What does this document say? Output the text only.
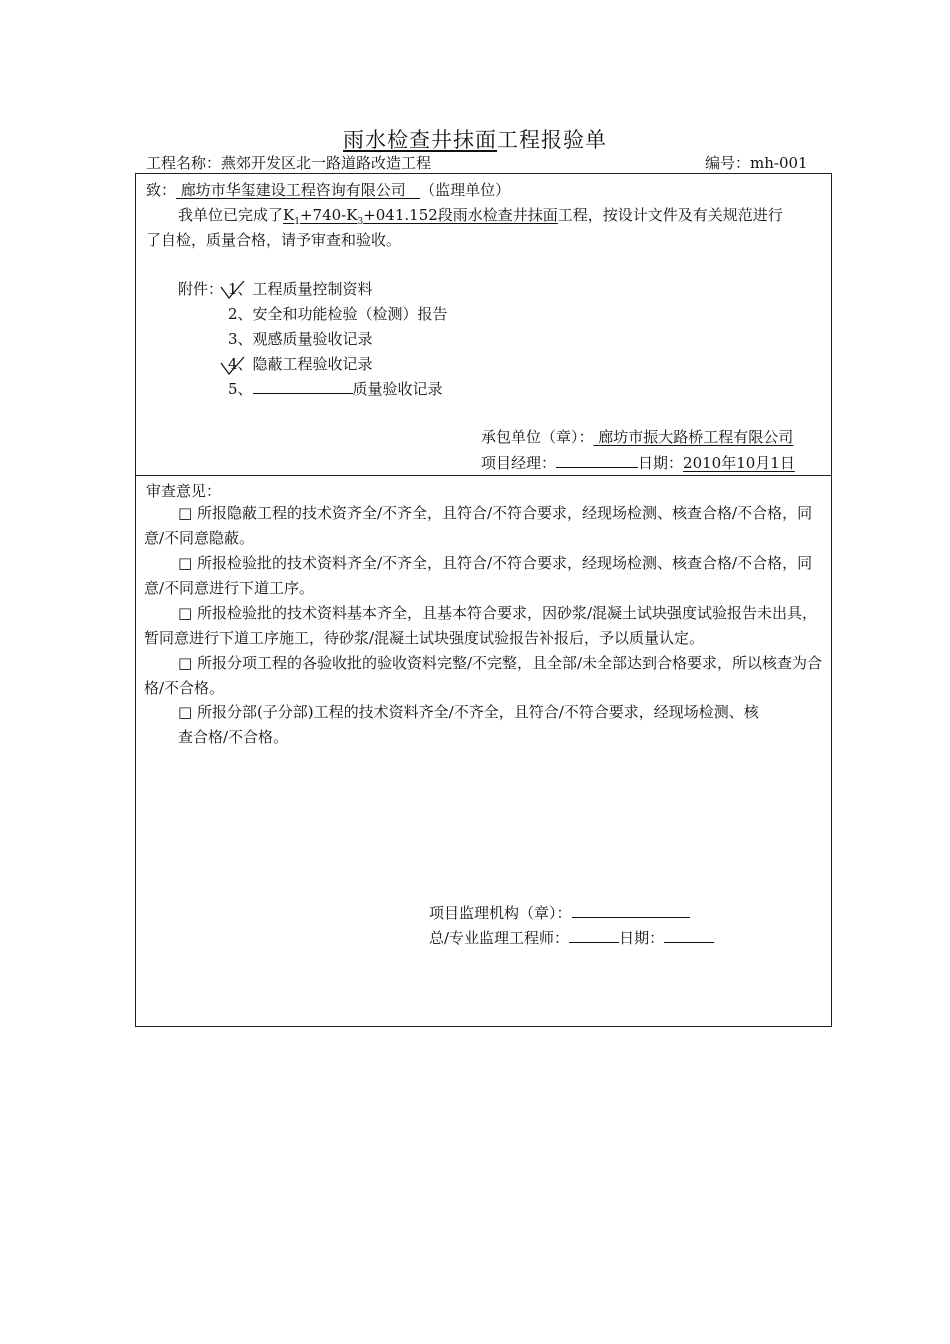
雨水检查井抹面工程报验单
工程名称：燕郊开发区北一路道路改造工程	编号：mh-001
致： 廊坊市华玺建设工程咨询有限公司 （监理单位）
我单位已完成了$K_1+740-K_3+041.152$段雨水检查井抹面工程，按设计文件及有关规范进行
了自检，质量合格，请予审查和验收。
附件： 1、工程质量控制资料
2、安全和功能检验（检测）报告
3、观感质量验收记录
4、隐蔽工程验收记录
5、	质量验收记录
承包单位（章）： 廊坊市振大路桥工程有限公司
项目经理：	日期：2010年10月1日
审查意见：
□ 所报隐蔽工程的技术资齐全/不齐全，且符合/不符合要求，经现场检测、核查合格/不合格，同意/不同意隐蔽。
□ 所报检验批的技术资料齐全/不齐全，且符合/不符合要求，经现场检测、核查合格/不合格，同意/不同意进行下道工序。
□ 所报检验批的技术资料基本齐全，且基本符合要求，因砂浆/混凝土试块强度试验报告未出具，暂同意进行下道工序施工，待砂浆/混凝土试块强度试验报告补报后，予以质量认定。
□ 所报分项工程的各验收批的验收资料完整/不完整，且全部/未全部达到合格要求，所以核查为合格/不合格。
□ 所报分部(子分部)工程的技术资料齐全/不齐全，且符合/不符合要求，经现场检测、核
查合格/不合格。
项目监理机构（章）：
总/专业监理工程师：	日期：
